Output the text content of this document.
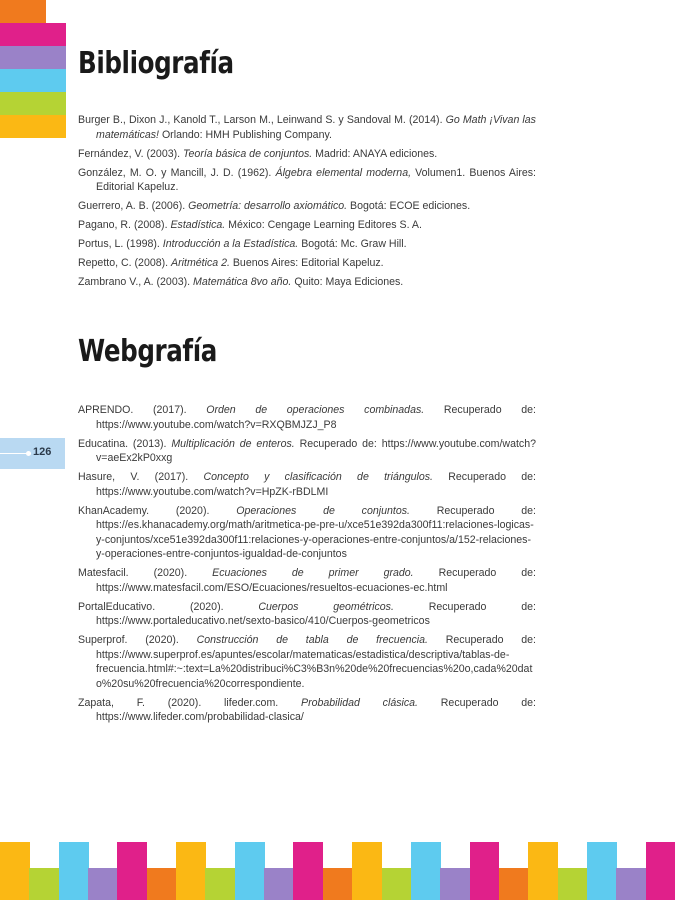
Bibliografía
Burger B., Dixon J., Kanold T., Larson M., Leinwand S. y Sandoval M. (2014). Go Math ¡Vivan las matemáticas! Orlando: HMH Publishing Company.
Fernández, V. (2003). Teoría básica de conjuntos. Madrid: ANAYA ediciones.
González, M. O. y Mancill, J. D. (1962). Álgebra elemental moderna, Volumen1. Buenos Aires: Editorial Kapeluz.
Guerrero, A. B. (2006). Geometría: desarrollo axiomático. Bogotá: ECOE ediciones.
Pagano, R. (2008). Estadística. México: Cengage Learning Editores S. A.
Portus, L. (1998). Introducción a la Estadística. Bogotá: Mc. Graw Hill.
Repetto, C. (2008). Aritmética 2. Buenos Aires: Editorial Kapeluz.
Zambrano V., A. (2003). Matemática 8vo año. Quito: Maya Ediciones.
Webgrafía
APRENDO. (2017). Orden de operaciones combinadas. Recuperado de: https://www.youtube.com/watch?v=RXQBMJZJ_P8
Educatina. (2013). Multiplicación de enteros. Recuperado de: https://www.youtube.com/watch?v=aeEx2kP0xxg
Hasure, V. (2017). Concepto y clasificación de triángulos. Recuperado de: https://www.youtube.com/watch?v=HpZK-rBDLMI
KhanAcademy. (2020). Operaciones de conjuntos. Recuperado de: https://es.khanacademy.org/math/aritmetica-pe-pre-u/xce51e392da300f11:relaciones-logicas-y-conjuntos/xce51e392da300f11:relaciones-y-operaciones-entre-conjuntos/a/152-relaciones-y-operaciones-entre-conjuntos-igualdad-de-conjuntos
Matesfacil. (2020). Ecuaciones de primer grado. Recuperado de: https://www.matesfacil.com/ESO/Ecuaciones/resueltos-ecuaciones-ec.html
PortalEducativo. (2020). Cuerpos geométricos. Recuperado de: https://www.portaleducativo.net/sexto-basico/410/Cuerpos-geometricos
Superprof. (2020). Construcción de tabla de frecuencia. Recuperado de: https://www.superprof.es/apuntes/escolar/matematicas/estadistica/descriptiva/tablas-de-frecuencia.html#:~:text=La%20distribuci%C3%B3n%20de%20frecuencias%20o,cada%20dato%20su%20frecuencia%20correspondiente.
Zapata, F. (2020). lifeder.com. Probabilidad clásica. Recuperado de: https://www.lifeder.com/probabilidad-clasica/
126
